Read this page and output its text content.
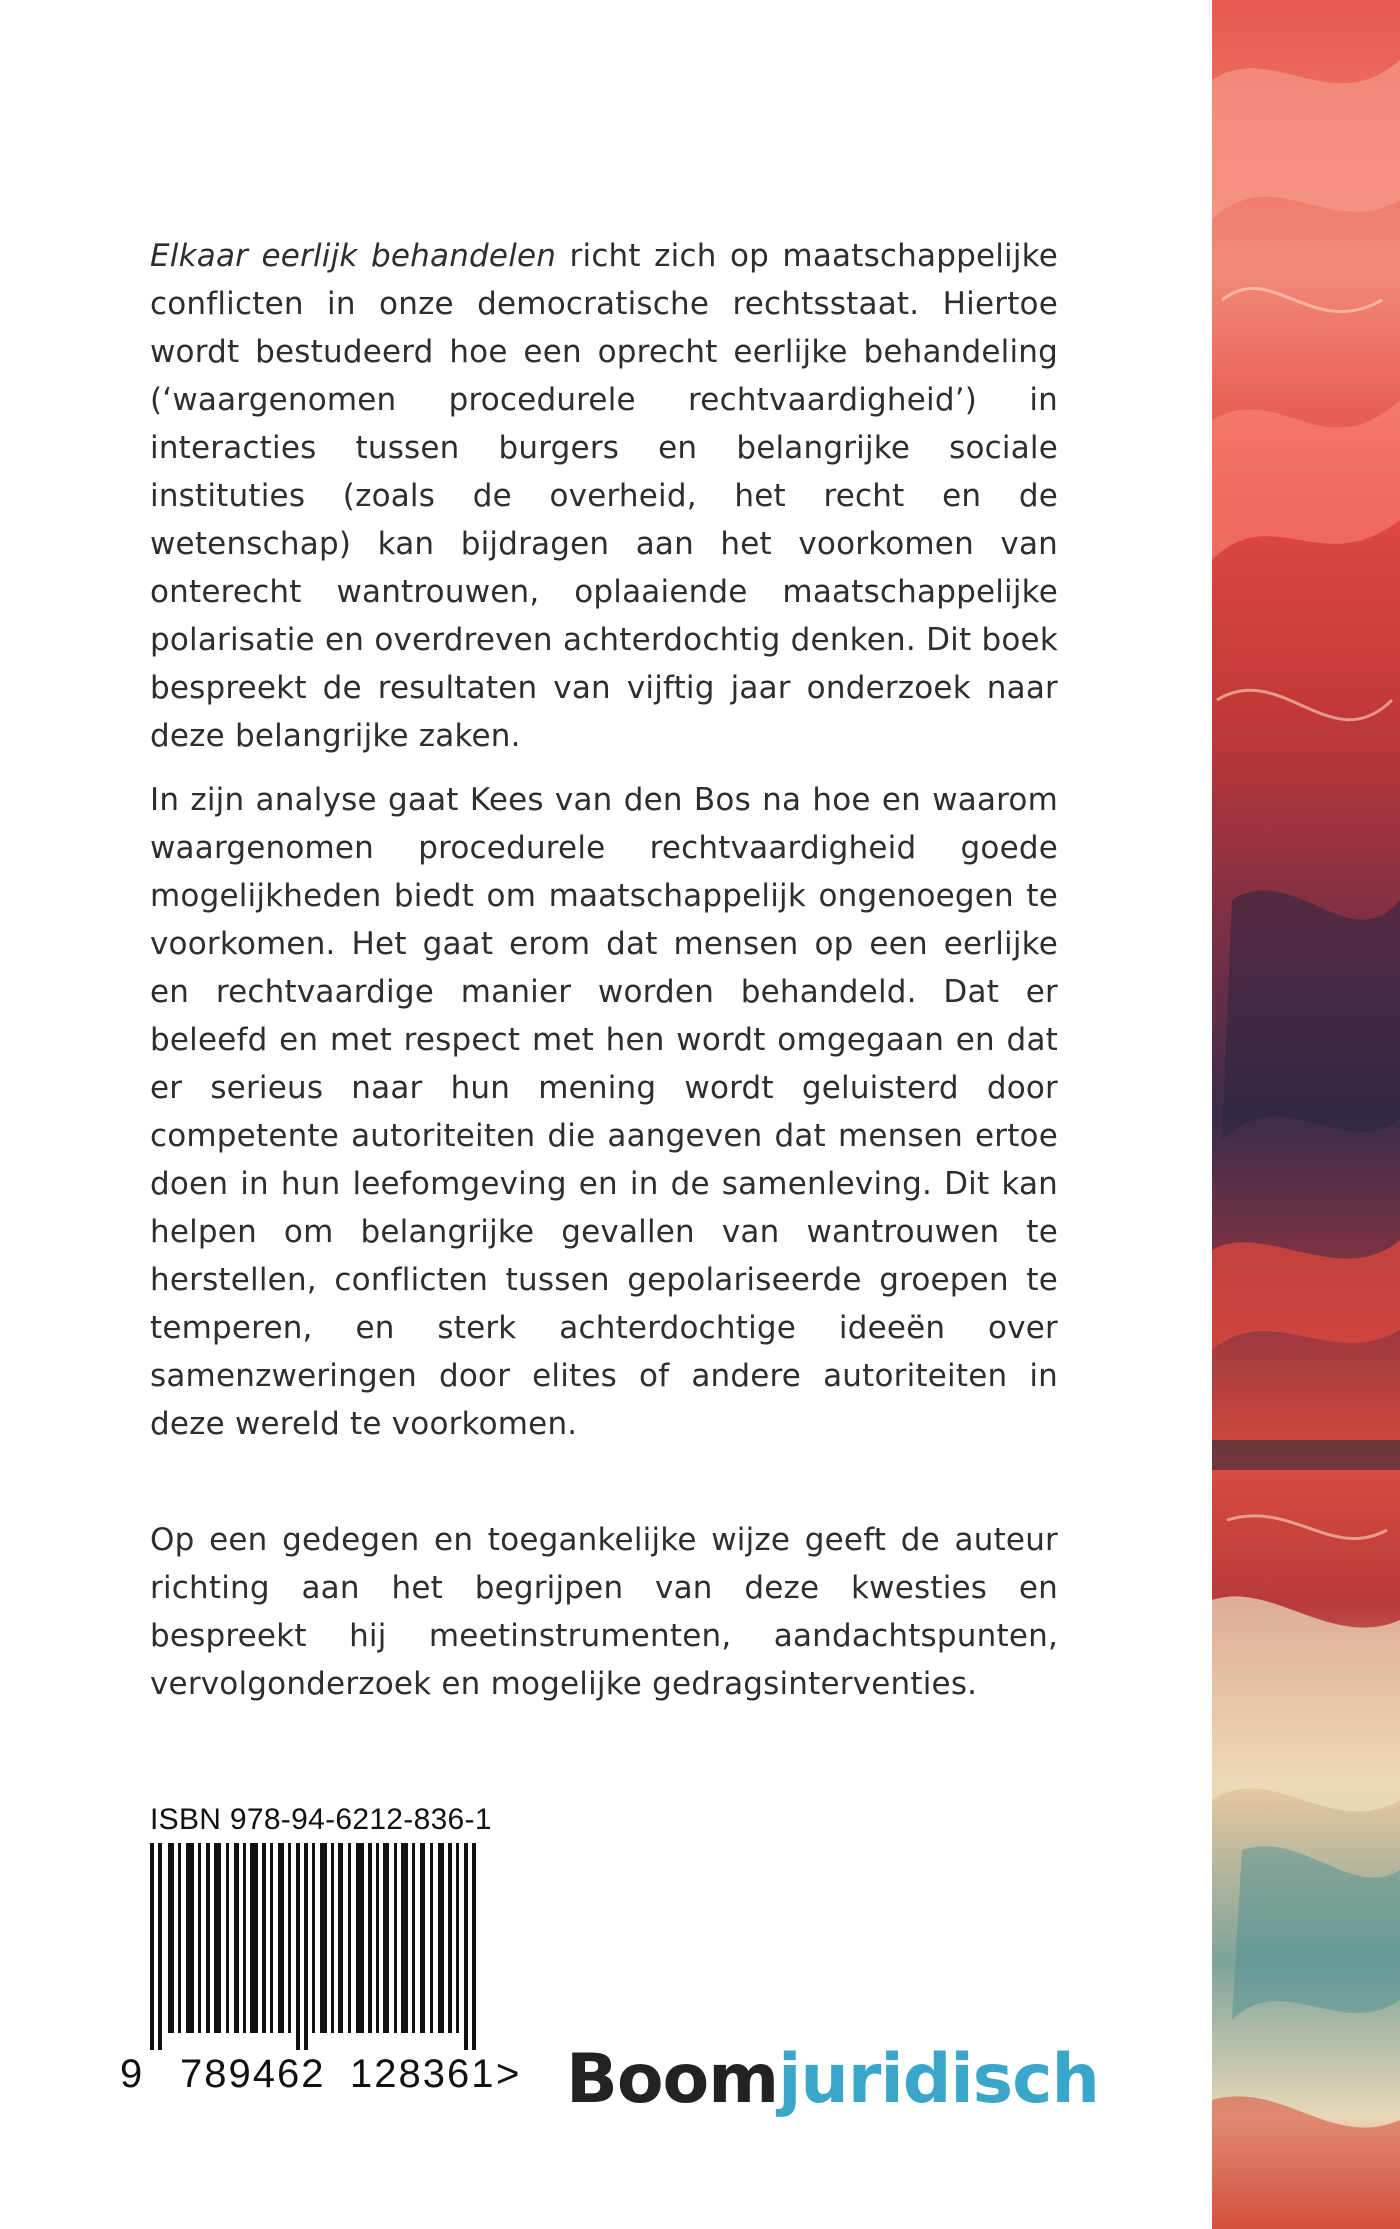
Elkaar eerlijk behandelen richt zich op maatschappelijke conflicten in onze democratische rechtsstaat. Hiertoe wordt bestudeerd hoe een oprecht eerlijke behandeling (‘waargenomen procedurele rechtvaardigheid’) in interacties tussen burgers en belangrijke sociale instituties (zoals de overheid, het recht en de wetenschap) kan bijdragen aan het voorkomen van onterecht wantrouwen, oplaaiende maatschappelijke polarisatie en overdreven achterdochtig denken. Dit boek bespreekt de resultaten van vijftig jaar onderzoek naar deze belangrijke zaken.
In zijn analyse gaat Kees van den Bos na hoe en waarom waargenomen procedurele rechtvaardigheid goede mogelijkheden biedt om maatschappelijk ongenoegen te voorkomen. Het gaat erom dat mensen op een eerlijke en rechtvaardige manier worden behandeld. Dat er beleefd en met respect met hen wordt omgegaan en dat er serieus naar hun mening wordt geluisterd door competente autoriteiten die aangeven dat mensen ertoe doen in hun leefomgeving en in de samenleving. Dit kan helpen om belangrijke gevallen van wantrouwen te herstellen, conflicten tussen gepolariseerde groepen te temperen, en sterk achterdochtige ideeën over samenzweringen door elites of andere autoriteiten in deze wereld te voorkomen.
Op een gedegen en toegankelijke wijze geeft de auteur richting aan het begrijpen van deze kwesties en bespreekt hij meetinstrumenten, aandachtspunten, vervolgonderzoek en mogelijke gedragsinterventies.
ISBN 978-94-6212-836-1
9 789462 128361 > Boomjuridisch
